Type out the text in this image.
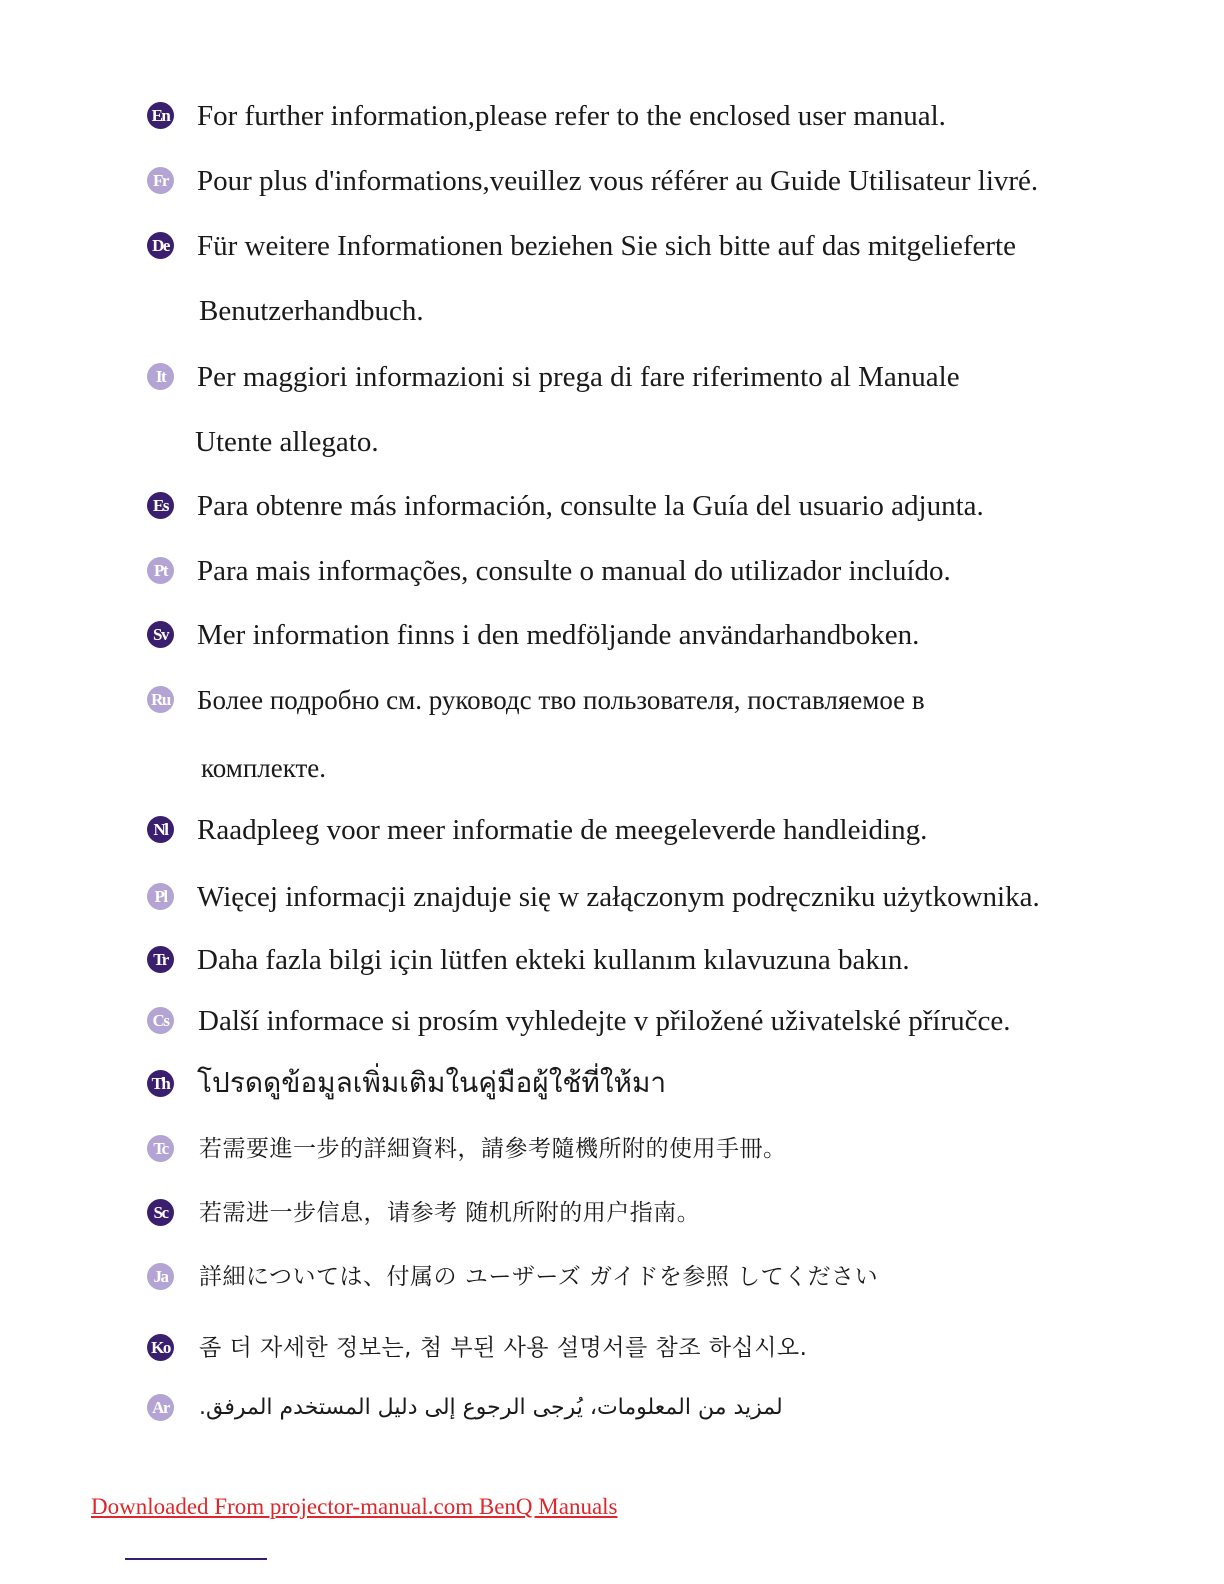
En For further information,please refer to the enclosed user manual.
Fr Pour plus d'informations,veuillez vous référer au Guide Utilisateur livré.
De Für weitere Informationen beziehen Sie sich bitte auf das mitgelieferte
Benutzerhandbuch.
It	Per maggiori informazioni si prega di fare riferimento al Manuale
Utente allegato.
Es Para obtenre más información, consulte la Guía del usuario adjunta.
Pt Para mais informações, consulte o manual do utilizador incluído.
Sv Mer information finns i den medföljande användarhandboken.
Ru Более подробно см. руководс тво пользователя, поставляемое в
комплекте.
Nl Raadpleeg voor meer informatie de meegeleverde handleiding.
Pl Więcej informacji znajduje się w załączonym podręczniku użytkownika.
Tr Daha fazla bilgi için lütfen ekteki kullanım kılavuzuna bakın.
Cs Další informace si prosím vyhledejte v přiložené uživatelské příručce.
Th โปรดดูข้อมูลเพิ่มเติมในคู่มือผู้ใช้ที่ให้มา
Tc 若需要進一步的詳細資料，請參考隨機所附的使用手冊。
Sc 若需进一步信息，请参考 随机所附的用户指南。
Ja 詳細については、付属の ユーザーズ ガイドを参照 してください
Ko 좀 더 자세한 정보는, 첨 부된 사용 설명서를 참조 하십시오.
Ar لمزيد من المعلومات، يُرجى الرجوع إلى دليل المستخدم المرفق.
Downloaded From projector-manual.com BenQ Manuals
